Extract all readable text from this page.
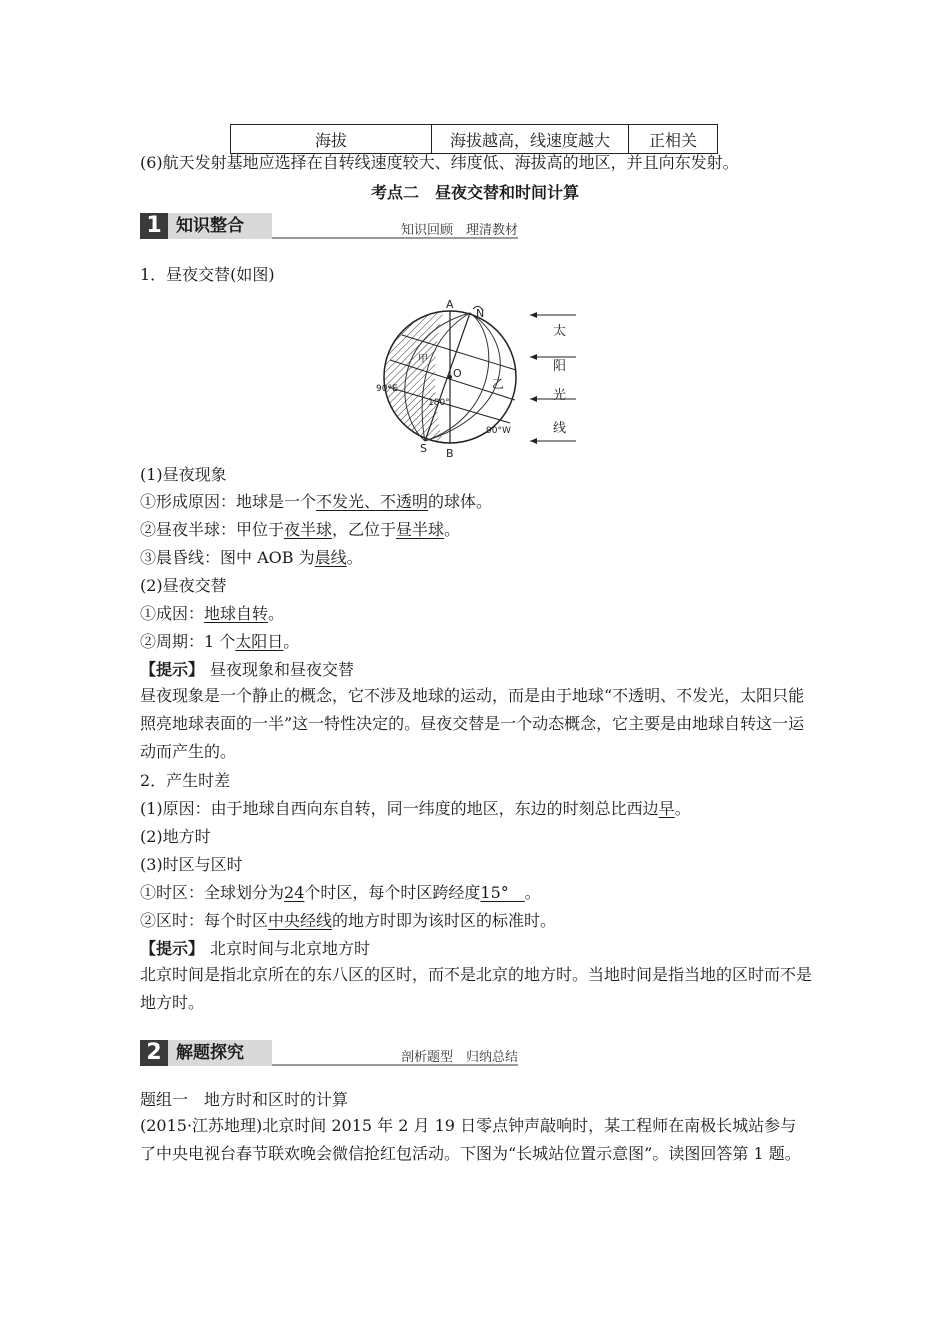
海拔	海拔越高，线速度越大	正相关
(6)航天发射基地应选择在自转线速度较大、纬度低、海拔高的地区，并且向东发射。
考点二　昼夜交替和时间计算
1 知识整合	知识回顾　理清教材
1．昼夜交替(如图)
A
N
S B
O
甲
乙
90°E
180°
90°W
太
阳
光
线
(1)昼夜现象
①形成原因：地球是一个不发光、不透明的球体。
②昼夜半球：甲位于夜半球，乙位于昼半球。
③晨昏线：图中 AOB 为晨线。
(2)昼夜交替
①成因：地球自转。
②周期：1 个太阳日。
【提示】 昼夜现象和昼夜交替
昼夜现象是一个静止的概念，它不涉及地球的运动，而是由于地球“不透明、不发光，太阳只能照亮地球表面的一半”这一特性决定的。昼夜交替是一个动态概念，它主要是由地球自转这一运动而产生的。
2．产生时差
(1)原因：由于地球自西向东自转，同一纬度的地区，东边的时刻总比西边早。
(2)地方时
(3)时区与区时
①时区：全球划分为24个时区，每个时区跨经度15°　。
②区时：每个时区中央经线的地方时即为该时区的标准时。
【提示】 北京时间与北京地方时
北京时间是指北京所在的东八区的区时，而不是北京的地方时。当地时间是指当地的区时而不是地方时。
2 解题探究	剖析题型　归纳总结
题组一　地方时和区时的计算
(2015·江苏地理)北京时间 2015 年 2 月 19 日零点钟声敲响时，某工程师在南极长城站参与了中央电视台春节联欢晚会微信抢红包活动。下图为“长城站位置示意图”。读图回答第 1 题。
